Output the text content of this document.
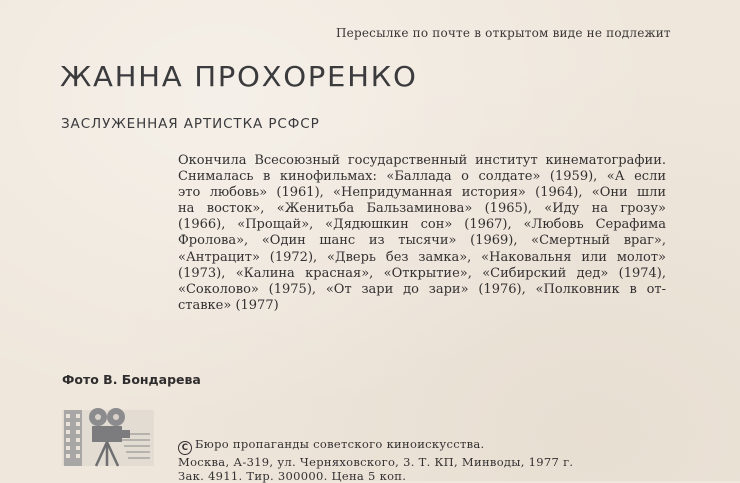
Пересылке по почте в открытом виде не подлежит
ЖАННА ПРОХОРЕНКО
ЗАСЛУЖЕННАЯ АРТИСТКА РСФСР
Окончила Всесоюзный государственный институт кинематографии.
Снималась в кинофильмах: «Баллада о солдате» (1959), «А если
это любовь» (1961), «Непридуманная история» (1964), «Они шли
на восток», «Женитьба Бальзаминова» (1965), «Иду на грозу»
(1966), «Прощай», «Дядюшкин сон» (1967), «Любовь Серафима
Фролова», «Один шанс из тысячи» (1969), «Смертный враг»,
«Антрацит» (1972), «Дверь без замка», «Наковальня или молот»
(1973), «Калина красная», «Открытие», «Сибирский дед» (1974),
«Соколово» (1975), «От зари до зари» (1976), «Полковник в от-
ставке» (1977)
Фото В. Бондарева
С Бюро пропаганды советского киноискусства.
Москва, А-319, ул. Черняховского, 3. Т. КП, Минводы, 1977 г.
Зак. 4911. Тир. 300000. Цена 5 коп.
